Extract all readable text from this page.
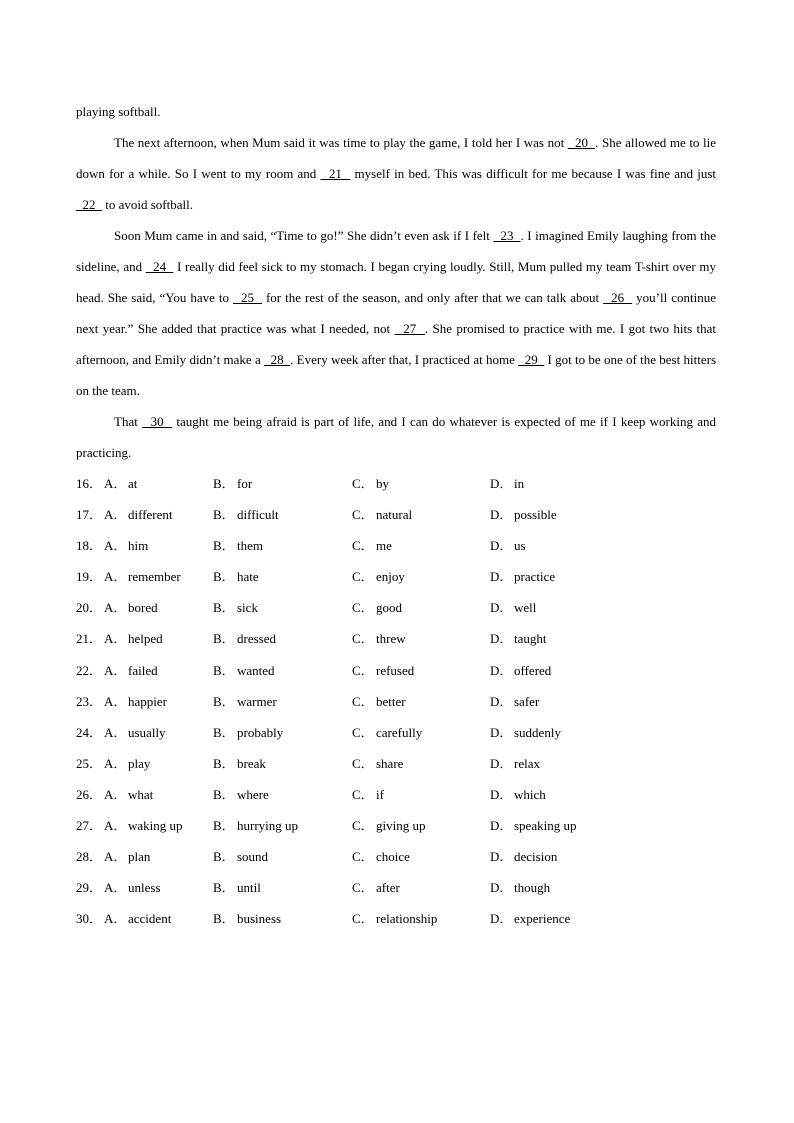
playing softball.

The next afternoon, when Mum said it was time to play the game, I told her I was not   20  . She allowed me to lie down for a while. So I went to my room and   21   myself in bed. This was difficult for me because I was fine and just   22   to avoid softball.

Soon Mum came in and said, “Time to go!” She didn’t even ask if I felt   23  . I imagined Emily laughing from the sideline, and   24   I really did feel sick to my stomach. I began crying loudly. Still, Mum pulled my team T-shirt over my head. She said, “You have to   25   for the rest of the season, and only after that we can talk about   26   you’ll continue next year.” She added that practice was what I needed, not   27  . She promised to practice with me. I got two hits that afternoon, and Emily didn’t make a   28  . Every week after that, I practiced at home   29   I got to be one of the best hitters on the team.

That   30   taught me being afraid is part of life, and I can do whatever is expected of me if I keep working and practicing.

16． A． at	B． for	C． by	D． in
17． A． different	B． difficult	C． natural	D． possible
18． A． him	B． them	C． me	D． us
19． A． remember B． hate	C． enjoy	D． practice
20． A． bored	B． sick	C． good	D． well
21． A． helped	B． dressed	C． threw	D． taught
22． A． failed	B． wanted	C． refused	D． offered
23． A． happier	B． warmer	C． better	D． safer
24． A． usually	B． probably	C． carefully	D． suddenly
25． A． play	B． break	C． share	D． relax
26． A． what	B． where	C． if	D． which
27． A． waking up B． hurrying up	C． giving up	D． speaking up
28． A． plan	B． sound	C． choice	D． decision
29． A． unless	B． until	C． after	D． though
30． A． accident	B． business	C． relationship	D． experience
